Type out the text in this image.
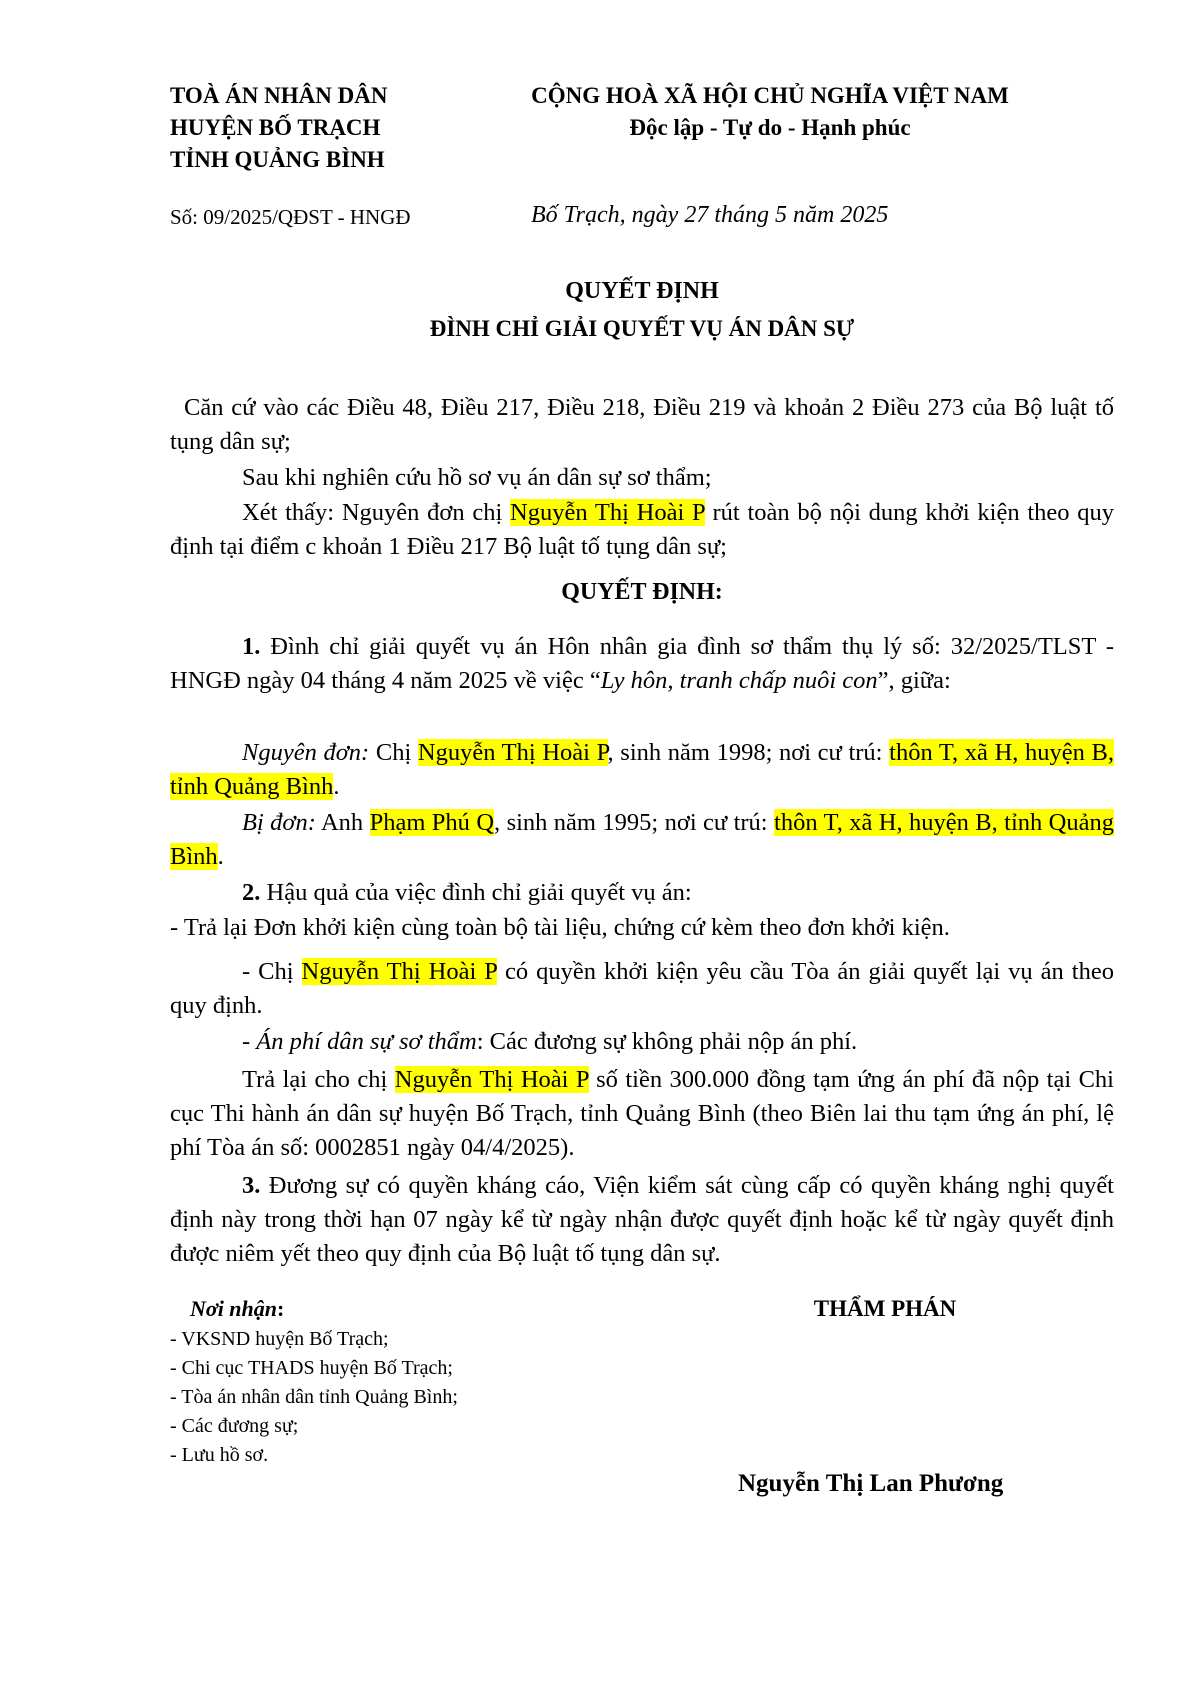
TOÀ ÁN NHÂN DÂN
HUYỆN BỐ TRẠCH
TỈNH QUẢNG BÌNH
CỘNG HOÀ XÃ HỘI CHỦ NGHĨA VIỆT NAM
Độc lập - Tự do - Hạnh phúc
Số: 09/2025/QĐST - HNGĐ	Bố Trạch, ngày 27 tháng 5 năm 2025
QUYẾT ĐỊNH
ĐÌNH CHỈ GIẢI QUYẾT VỤ ÁN DÂN SỰ
Căn cứ vào các Điều 48, Điều 217, Điều 218, Điều 219 và khoản 2 Điều 273 của Bộ luật tố tụng dân sự;
Sau khi nghiên cứu hồ sơ vụ án dân sự sơ thẩm;
Xét thấy: Nguyên đơn chị Nguyễn Thị Hoài P rút toàn bộ nội dung khởi kiện theo quy định tại điểm c khoản 1 Điều 217 Bộ luật tố tụng dân sự;
QUYẾT ĐỊNH:
1. Đình chỉ giải quyết vụ án Hôn nhân gia đình sơ thẩm thụ lý số: 32/2025/TLST - HNGĐ ngày 04 tháng 4 năm 2025 về việc “Ly hôn, tranh chấp nuôi con”, giữa:
Nguyên đơn: Chị Nguyễn Thị Hoài P, sinh năm 1998; nơi cư trú: thôn T, xã H, huyện B, tỉnh Quảng Bình.
Bị đơn: Anh Phạm Phú Q, sinh năm 1995; nơi cư trú: thôn T, xã H, huyện B, tỉnh Quảng Bình.
2. Hậu quả của việc đình chỉ giải quyết vụ án:
- Trả lại Đơn khởi kiện cùng toàn bộ tài liệu, chứng cứ kèm theo đơn khởi kiện.
- Chị Nguyễn Thị Hoài P có quyền khởi kiện yêu cầu Tòa án giải quyết lại vụ án theo quy định.
- Án phí dân sự sơ thẩm: Các đương sự không phải nộp án phí.
Trả lại cho chị Nguyễn Thị Hoài P số tiền 300.000 đồng tạm ứng án phí đã nộp tại Chi cục Thi hành án dân sự huyện Bố Trạch, tỉnh Quảng Bình (theo Biên lai thu tạm ứng án phí, lệ phí Tòa án số: 0002851 ngày 04/4/2025).
3. Đương sự có quyền kháng cáo, Viện kiểm sát cùng cấp có quyền kháng nghị quyết định này trong thời hạn 07 ngày kể từ ngày nhận được quyết định hoặc kể từ ngày quyết định được niêm yết theo quy định của Bộ luật tố tụng dân sự.
Nơi nhận:
- VKSND huyện Bố Trạch;
- Chi cục THADS huyện Bố Trạch;
- Tòa án nhân dân tỉnh Quảng Bình;
- Các đương sự;
- Lưu hồ sơ.
THẨM PHÁN
Nguyễn Thị Lan Phương
